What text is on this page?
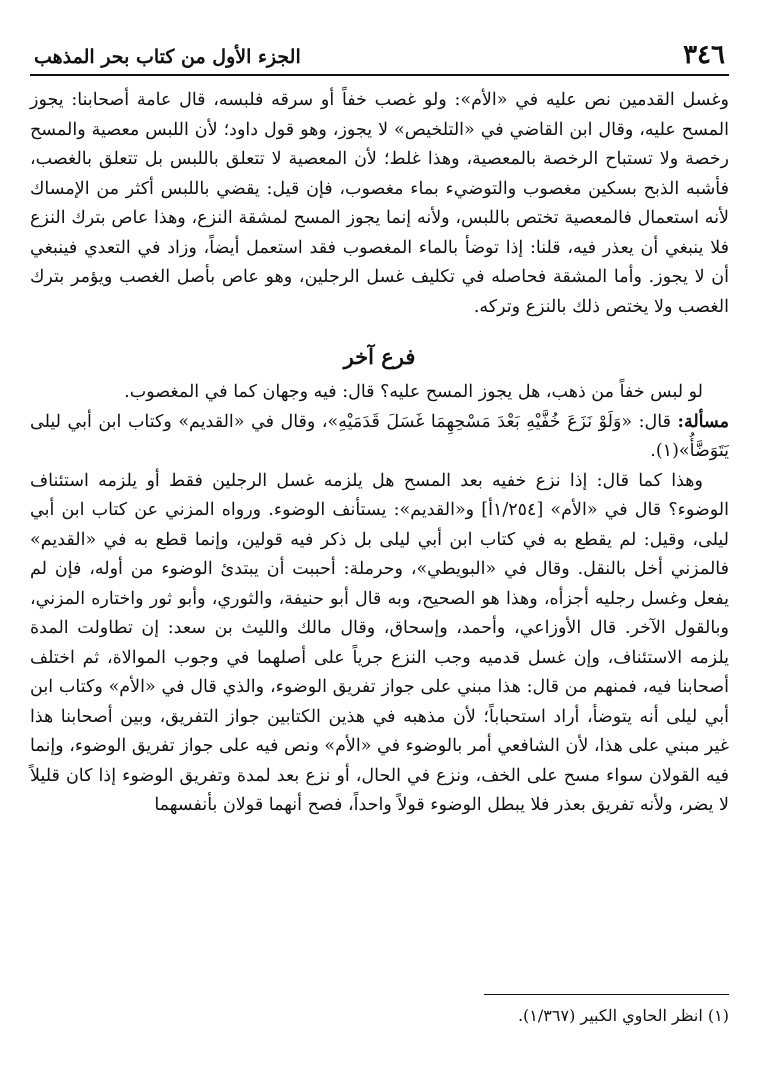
٣٤٦
الجزء الأول من كتاب بحر المذهب

وغسل القدمين نص عليه في «الأم»: ولو غصب خفاً أو سرقه فلبسه، قال عامة أصحابنا: يجوز المسح عليه، وقال ابن القاضي في «التلخيص» لا يجوز، وهو قول داود؛ لأن اللبس معصية والمسح رخصة ولا تستباح الرخصة بالمعصية، وهذا غلط؛ لأن المعصية لا تتعلق باللبس بل تتعلق بالغصب، فأشبه الذبح بسكين مغصوب والتوضيء بماء مغصوب، فإن قيل: يقضي باللبس أكثر من الإمساك لأنه استعمال فالمعصية تختص باللبس، ولأنه إنما يجوز المسح لمشقة النزع، وهذا عاص بترك النزع فلا ينبغي أن يعذر فيه، قلنا: إذا توضأ بالماء المغصوب فقد استعمل أيضاً، وزاد في التعدي فينبغي أن لا يجوز. وأما المشقة فحاصله في تكليف غسل الرجلين، وهو عاص بأصل الغصب ويؤمر بترك الغصب ولا يختص ذلك بالنزع وتركه.

فرع آخر

لو لبس خفاً من ذهب، هل يجوز المسح عليه؟ قال: فيه وجهان كما في المغصوب.

مسألة: قال: «وَلَوْ نَزَعَ خُفَّيْهِ بَعْدَ مَسْحِهِمَا غَسَلَ قَدَمَيْهِ»، وقال في «القديم» وكتاب ابن أبي ليلى يَتَوَضَّأُ»(١).

وهذا كما قال: إذا نزع خفيه بعد المسح هل يلزمه غسل الرجلين فقط أو يلزمه استئناف الوضوء؟ قال في «الأم» [١/٢٥٤أ] و«القديم»: يستأنف الوضوء. ورواه المزني عن كتاب ابن أبي ليلى، وقيل: لم يقطع به في كتاب ابن أبي ليلى بل ذكر فيه قولين، وإنما قطع به في «القديم» فالمزني أخل بالنقل. وقال في «البويطي»، وحرملة: أحببت أن يبتدئ الوضوء من أوله، فإن لم يفعل وغسل رجليه أجزأه، وهذا هو الصحيح، وبه قال أبو حنيفة، والثوري، وأبو ثور واختاره المزني، وبالقول الآخر. قال الأوزاعي، وأحمد، وإسحاق، وقال مالك والليث بن سعد: إن تطاولت المدة يلزمه الاستئناف، وإن غسل قدميه وجب النزع جرياً على أصلهما في وجوب الموالاة، ثم اختلف أصحابنا فيه، فمنهم من قال: هذا مبني على جواز تفريق الوضوء، والذي قال في «الأم» وكتاب ابن أبي ليلى أنه يتوضأ، أراد استحباباً؛ لأن مذهبه في هذين الكتابين جواز التفريق، وبين أصحابنا هذا غير مبني على هذا، لأن الشافعي أمر بالوضوء في «الأم» ونص فيه على جواز تفريق الوضوء، وإنما فيه القولان سواء مسح على الخف، ونزع في الحال، أو نزع بعد لمدة وتفريق الوضوء إذا كان قليلاً لا يضر، ولأنه تفريق بعذر فلا يبطل الوضوء قولاً واحداً، فصح أنهما قولان بأنفسهما

(١) انظر الحاوي الكبير (١/٣٦٧).
